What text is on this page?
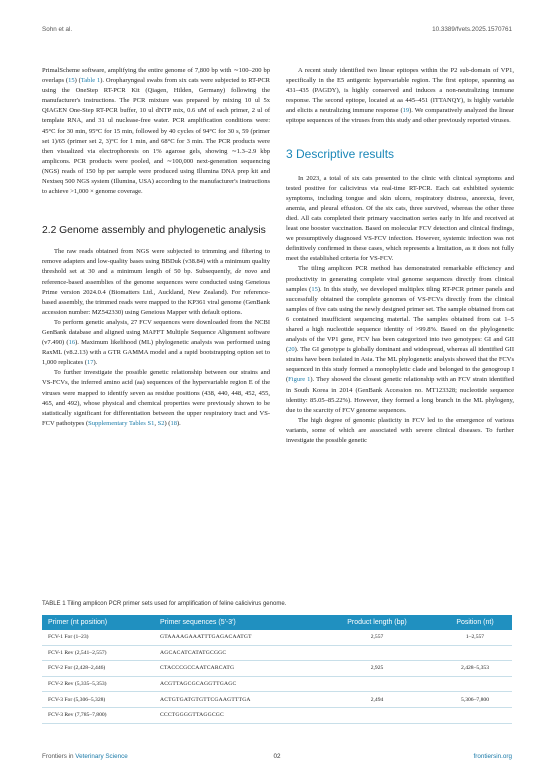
Sohn et al.	10.3389/fvets.2025.1570761

PrimalScheme software, amplifying the entire genome of 7,800 bp with ∼100–200 bp overlaps (15) (Table 1). Oropharyngeal swabs from six cats were subjected to RT-PCR using the OneStep RT-PCR Kit (Qiagen, Hilden, Germany) following the manufacturer's instructions. The PCR mixture was prepared by mixing 10 ul 5x QIAGEN One-Step RT-PCR buffer, 10 ul dNTP mix, 0.6 uM of each primer, 2 ul of template RNA, and 31 ul nuclease-free water. PCR amplification conditions were: 45°C for 30 min, 95°C for 15 min, followed by 40 cycles of 94°C for 30 s, 59 (primer set 1)/65 (primer set 2, 3)°C for 1 min, and 68°C for 3 min. The PCR products were then visualized via electrophoresis on 1% agarose gels, showing ∼1.3–2.9 kbp amplicons. PCR products were pooled, and ∼100,000 next-generation sequencing (NGS) reads of 150 bp per sample were produced using Illumina DNA prep kit and Nextseq 500 NGS system (Illumina, USA) according to the manufacturer's instructions to achieve >1,000 × genome coverage.

2.2 Genome assembly and phylogenetic analysis

The raw reads obtained from NGS were subjected to trimming and filtering to remove adapters and low-quality bases using BBDuk (v38.84) with a minimum quality threshold set at 30 and a minimum length of 50 bp. Subsequently, de novo and reference-based assemblies of the genome sequences were conducted using Geneious Prime version 2024.0.4 (Biomatters Ltd., Auckland, New Zealand). For reference-based assembly, the trimmed reads were mapped to the KP361 viral genome (GenBank accession number: MZ542330) using Geneious Mapper with default options.

To perform genetic analysis, 27 FCV sequences were downloaded from the NCBI GenBank database and aligned using MAFFT Multiple Sequence Alignment software (v7.490) (16). Maximum likelihood (ML) phylogenetic analysis was performed using RaxML (v8.2.13) with a GTR GAMMA model and a rapid bootstrapping option set to 1,000 replicates (17).

To further investigate the possible genetic relationship between our strains and VS-FCVs, the inferred amino acid (aa) sequences of the hypervariable region E of the viruses were mapped to identify seven aa residue positions (438, 440, 448, 452, 455, 465, and 492), whose physical and chemical properties were previously shown to be statistically significant for differentiation between the upper respiratory tract and VS-FCV pathotypes (Supplementary Tables S1, S2) (18).

A recent study identified two linear epitopes within the P2 sub-domain of VP1, specifically in the E5 antigenic hypervariable region. The first epitope, spanning aa 431–435 (PAGDY), is highly conserved and induces a non-neutralizing immune response. The second epitope, located at aa 445–451 (ITTANQY), is highly variable and elicits a neutralizing immune response (19). We comparatively analyzed the linear epitope sequences of the viruses from this study and other previously reported viruses.

3 Descriptive results

In 2023, a total of six cats presented to the clinic with clinical symptoms and tested positive for calicivirus via real-time RT-PCR. Each cat exhibited systemic symptoms, including tongue and skin ulcers, respiratory distress, anorexia, fever, anemia, and pleural effusion. Of the six cats, three survived, whereas the other three died. All cats completed their primary vaccination series early in life and received at least one booster vaccination. Based on molecular FCV detection and clinical findings, we presumptively diagnosed VS-FCV infection. However, systemic infection was not definitively confirmed in these cases, which represents a limitation, as it does not fully meet the established criteria for VS-FCV.

The tiling amplicon PCR method has demonstrated remarkable efficiency and productivity in generating complete viral genome sequences directly from clinical samples (15). In this study, we developed multiplex tiling RT-PCR primer panels and successfully obtained the complete genomes of VS-FCVs directly from the clinical samples of five cats using the newly designed primer set. The sample obtained from cat 6 contained insufficient sequencing material. The samples obtained from cat 1–5 shared a high nucleotide sequence identity of >99.8%. Based on the phylogenetic analysis of the VP1 gene, FCV has been categorized into two genotypes: GI and GII (20). The GI genotype is globally dominant and widespread, whereas all identified GII strains have been isolated in Asia. The ML phylogenetic analysis showed that the FCVs sequenced in this study formed a monophyletic clade and belonged to the genogroup I (Figure 1). They showed the closest genetic relationship with an FCV strain identified in South Korea in 2014 (GenBank Accession no. MT123328; nucleotide sequence identity: 85.05–85.22%). However, they formed a long branch in the ML phylogeny, due to the scarcity of FCV genome sequences.

The high degree of genomic plasticity in FCV led to the emergence of various variants, some of which are associated with severe clinical diseases. To further investigate the possible genetic

TABLE 1 Tiling amplicon PCR primer sets used for amplification of feline calicivirus genome.
Primer (nt position)	Primer sequences (5′-3′)	Product length (bp)	Position (nt)
FCV-1 For (1–23)	GTAAAAGAAATTTGAGACAATGT	2,557	1–2,557
FCV-1 Rev (2,541–2,557)	AGCACATCATATGCGGC		
FCV-2 For (2,428–2,446)	CTACCCGCCAATCARCATG	2,925	2,428–5,353
FCV-2 Rev (5,335–5,353)	ACGTTAGCGCAGGTTGAGC		
FCV-3 For (5,306–5,328)	ACTGTGATGTGTTCGAAGTTTGA	2,494	5,306–7,800
FCV-3 Rev (7,785–7,800)	CCCTGGGGTTAGGCGC		
Frontiers in Veterinary Science	02	frontiersin.org
